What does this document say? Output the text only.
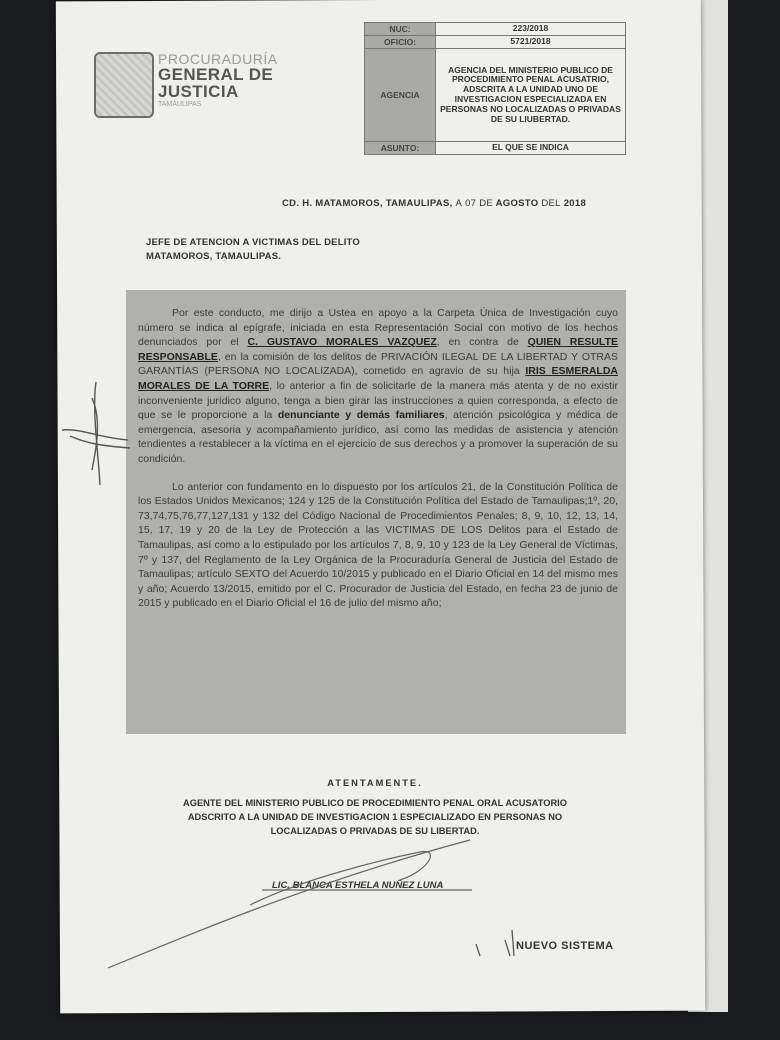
PROCURADURÍA
GENERAL DE
JUSTICIA
TAMAULIPAS
NUC:	223/2018
OFICIO:	5721/2018
AGENCIA	AGENCIA DEL MINISTERIO PUBLICO DE PROCEDIMIENTO PENAL ACUSATRIO, ADSCRITA A LA UNIDAD UNO DE INVESTIGACION ESPECIALIZADA EN PERSONAS NO LOCALIZADAS O PRIVADAS DE SU LIUBERTAD.
ASUNTO:	EL QUE SE INDICA
CD. H. MATAMOROS, TAMAULIPAS, A 07 DE AGOSTO DEL 2018
JEFE DE ATENCION A VICTIMAS DEL DELITO
MATAMOROS, TAMAULIPAS.

Por este conducto, me dirijo a Ustea en apoyo a la Carpeta Única de Investigación cuyo número se indica al epígrafe, iniciada en esta Representación Social con motivo de los hechos denunciados por el C. GUSTAVO MORALES VAZQUEZ, en contra de QUIEN RESULTE RESPONSABLE, en la comisión de los delitos de PRIVACIÓN ILEGAL DE LA LIBERTAD Y OTRAS GARANTÍAS (PERSONA NO LOCALIZADA), cometido en agravio de su hija IRIS ESMERALDA MORALES DE LA TORRE, lo anterior a fin de solicitarle de la manera más atenta y de no existir inconveniente jurídico alguno, tenga a bien girar las instrucciones a quien corresponda, a efecto de que se le proporcione a la denunciante y demás familiares, atención psicológica y médica de emergencia, asesoria y acompañamiento jurídico, así como las medidas de asistencia y atención tendientes a restablecer a la víctima en el ejercicio de sus derechos y a promover la superación de su condición.

Lo anterior con fundamento en lo dispuesto por los artículos 21, de la Constitución Política de los Estados Unidos Mexicanos; 124 y 125 de la Constitución Política del Estado de Tamaulipas;1º, 20, 73,74,75,76,77,127,131 y 132 del Código Nacional de Procedimientos Penales; 8, 9, 10, 12, 13, 14, 15, 17, 19 y 20 de la Ley de Protección a las VICTIMAS DE LOS Delitos para el Estado de Tamaulipas, así como a lo estipulado por los artículos 7, 8, 9, 10 y 123 de la Ley General de Víctimas, 7º y 137, del Reglamento de la Ley Orgánica de la Procuraduría General de Justicia del Estado de Tamaulipas; artículo SEXTO del Acuerdo 10/2015 y publicado en el Diario Oficial en 14 del mismo mes y año; Acuerdo 13/2015, emitido por el C. Procurador de Justicia del Estado, en fecha 23 de junio de 2015 y publicado en el Diario Oficial el 16 de julio del mismo año;

ATENTAMENTE.
AGENTE DEL MINISTERIO PUBLICO DE PROCEDIMIENTO PENAL ORAL ACUSATORIO
ADSCRITO A LA UNIDAD DE INVESTIGACION 1 ESPECIALIZADO EN PERSONAS NO
LOCALIZADAS O PRIVADAS DE SU LIBERTAD.
LIC. BLANCA ESTHELA NUÑEZ LUNA
NUEVO SISTEMA
